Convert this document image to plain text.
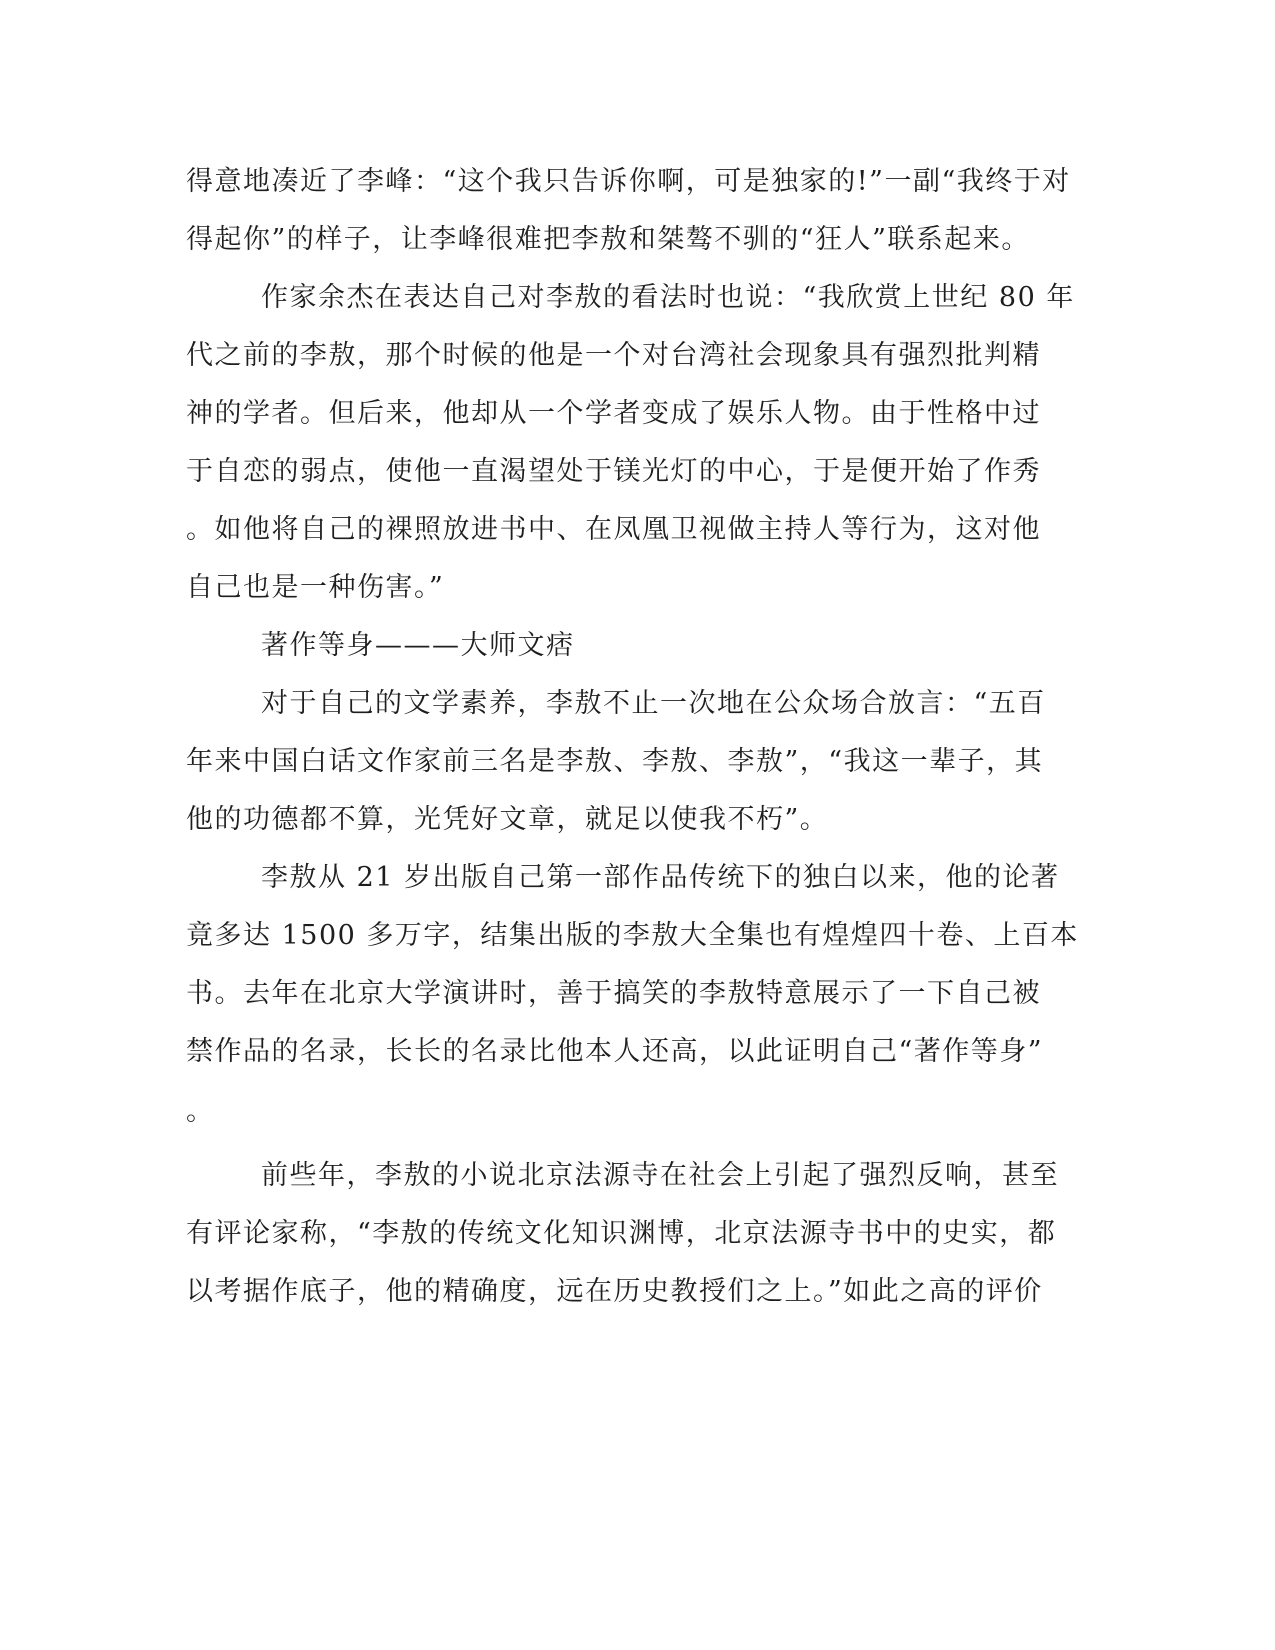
得意地凑近了李峰：“这个我只告诉你啊，可是独家的!”一副“我终于对
得起你”的样子，让李峰很难把李敖和桀骜不驯的“狂人”联系起来。
作家余杰在表达自己对李敖的看法时也说：“我欣赏上世纪 80 年
代之前的李敖，那个时候的他是一个对台湾社会现象具有强烈批判精
神的学者。但后来，他却从一个学者变成了娱乐人物。由于性格中过
于自恋的弱点，使他一直渴望处于镁光灯的中心，于是便开始了作秀
。如他将自己的裸照放进书中、在凤凰卫视做主持人等行为，这对他
自己也是一种伤害。”
著作等身———大师文痞
对于自己的文学素养，李敖不止一次地在公众场合放言：“五百
年来中国白话文作家前三名是李敖、李敖、李敖”，“我这一辈子，其
他的功德都不算，光凭好文章，就足以使我不朽”。
李敖从 21 岁出版自己第一部作品传统下的独白以来，他的论著
竟多达 1500 多万字，结集出版的李敖大全集也有煌煌四十卷、上百本
书。去年在北京大学演讲时，善于搞笑的李敖特意展示了一下自己被
禁作品的名录，长长的名录比他本人还高，以此证明自己“著作等身”
。
前些年，李敖的小说北京法源寺在社会上引起了强烈反响，甚至
有评论家称，“李敖的传统文化知识渊博，北京法源寺书中的史实，都
以考据作底子，他的精确度，远在历史教授们之上。”如此之高的评价
